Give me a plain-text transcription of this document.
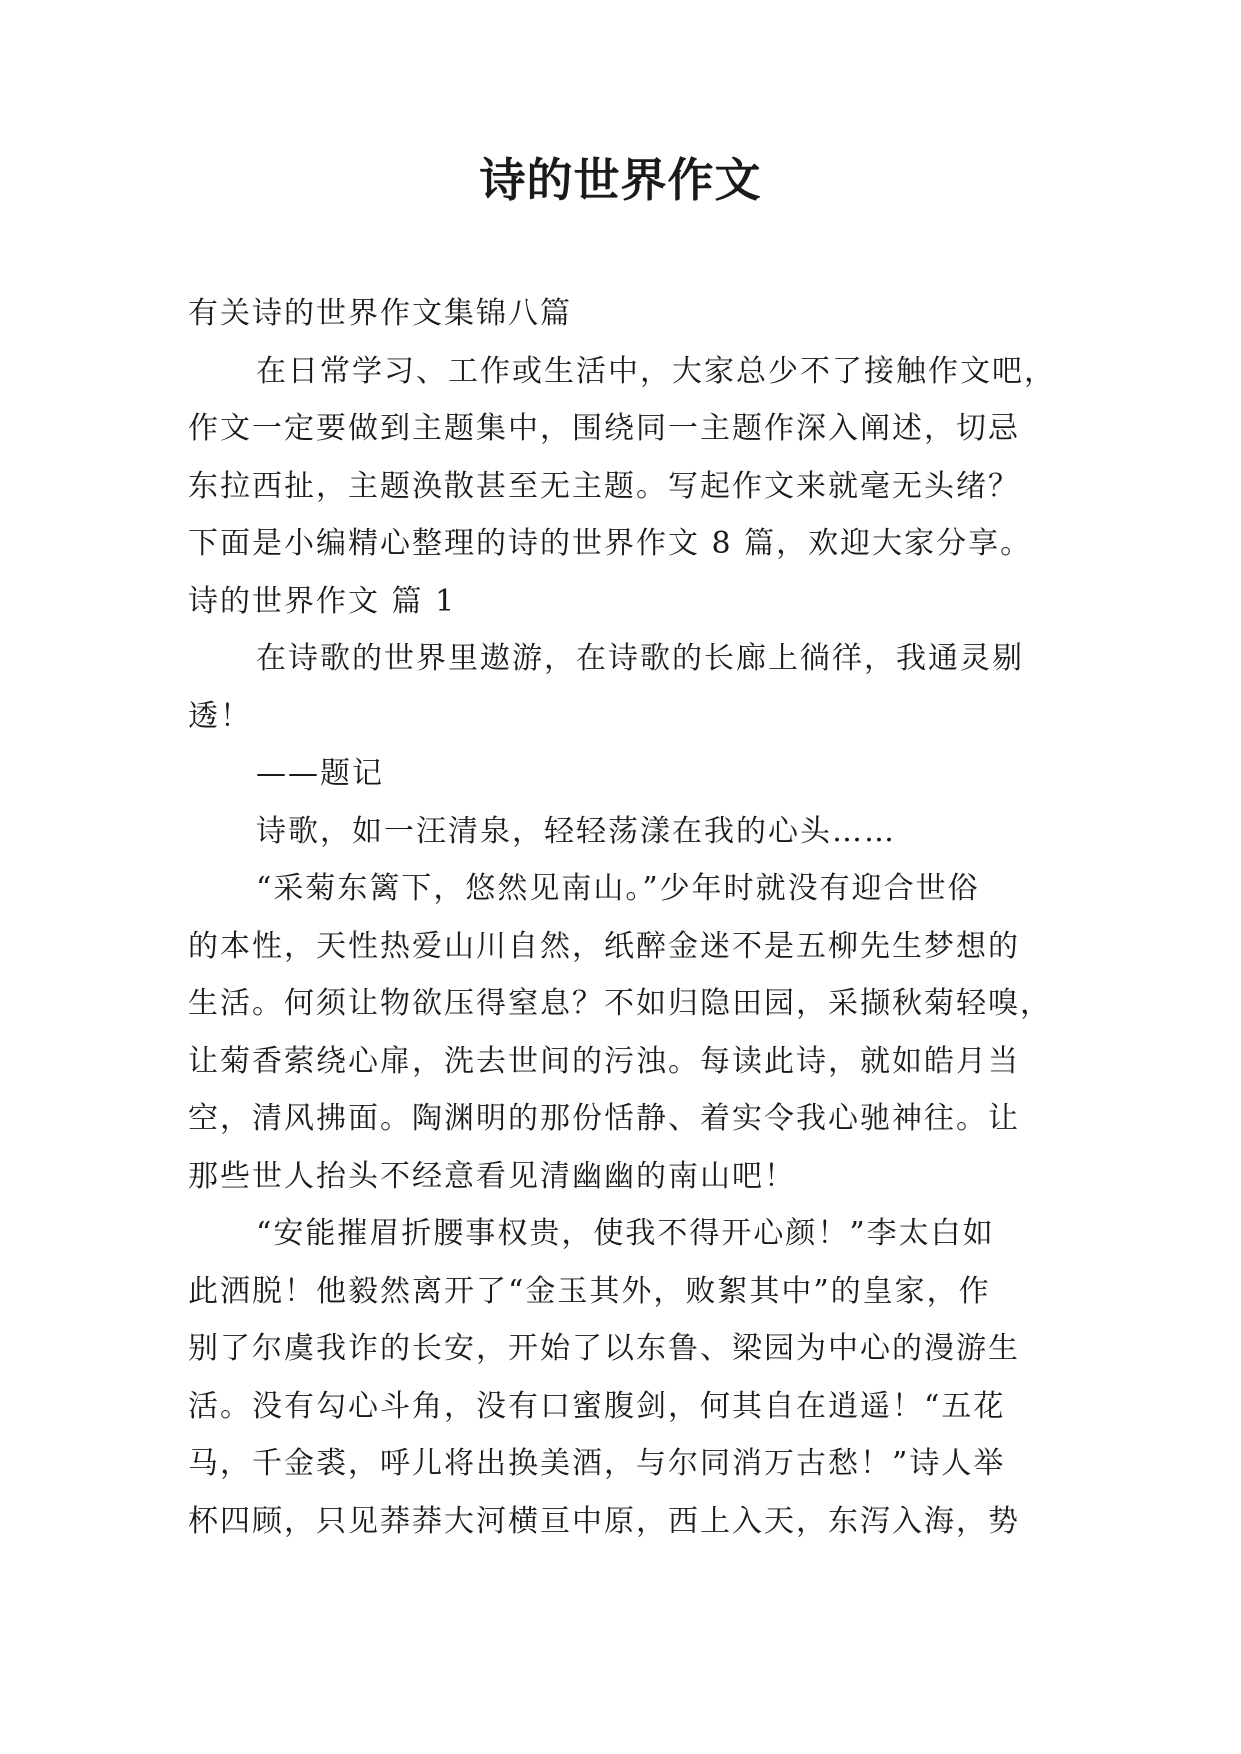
诗的世界作文
有关诗的世界作文集锦八篇
在日常学习、工作或生活中，大家总少不了接触作文吧，
作文一定要做到主题集中，围绕同一主题作深入阐述，切忌
东拉西扯，主题涣散甚至无主题。写起作文来就毫无头绪？
下面是小编精心整理的诗的世界作文 8 篇，欢迎大家分享。
诗的世界作文 篇 1
在诗歌的世界里遨游，在诗歌的长廊上徜徉，我通灵剔
透！
——题记
诗歌，如一汪清泉，轻轻荡漾在我的心头……
“采菊东篱下，悠然见南山。”少年时就没有迎合世俗
的本性，天性热爱山川自然，纸醉金迷不是五柳先生梦想的
生活。何须让物欲压得窒息？不如归隐田园，采撷秋菊轻嗅，
让菊香萦绕心扉，洗去世间的污浊。每读此诗，就如皓月当
空，清风拂面。陶渊明的那份恬静、着实令我心驰神往。让
那些世人抬头不经意看见清幽幽的南山吧！
“安能摧眉折腰事权贵，使我不得开心颜！”李太白如
此洒脱！他毅然离开了“金玉其外，败絮其中”的皇家，作
别了尔虞我诈的长安，开始了以东鲁、梁园为中心的漫游生
活。没有勾心斗角，没有口蜜腹剑，何其自在逍遥！“五花
马，千金裘，呼儿将出换美酒，与尔同消万古愁！”诗人举
杯四顾，只见莽莽大河横亘中原，西上入天，东泻入海，势
